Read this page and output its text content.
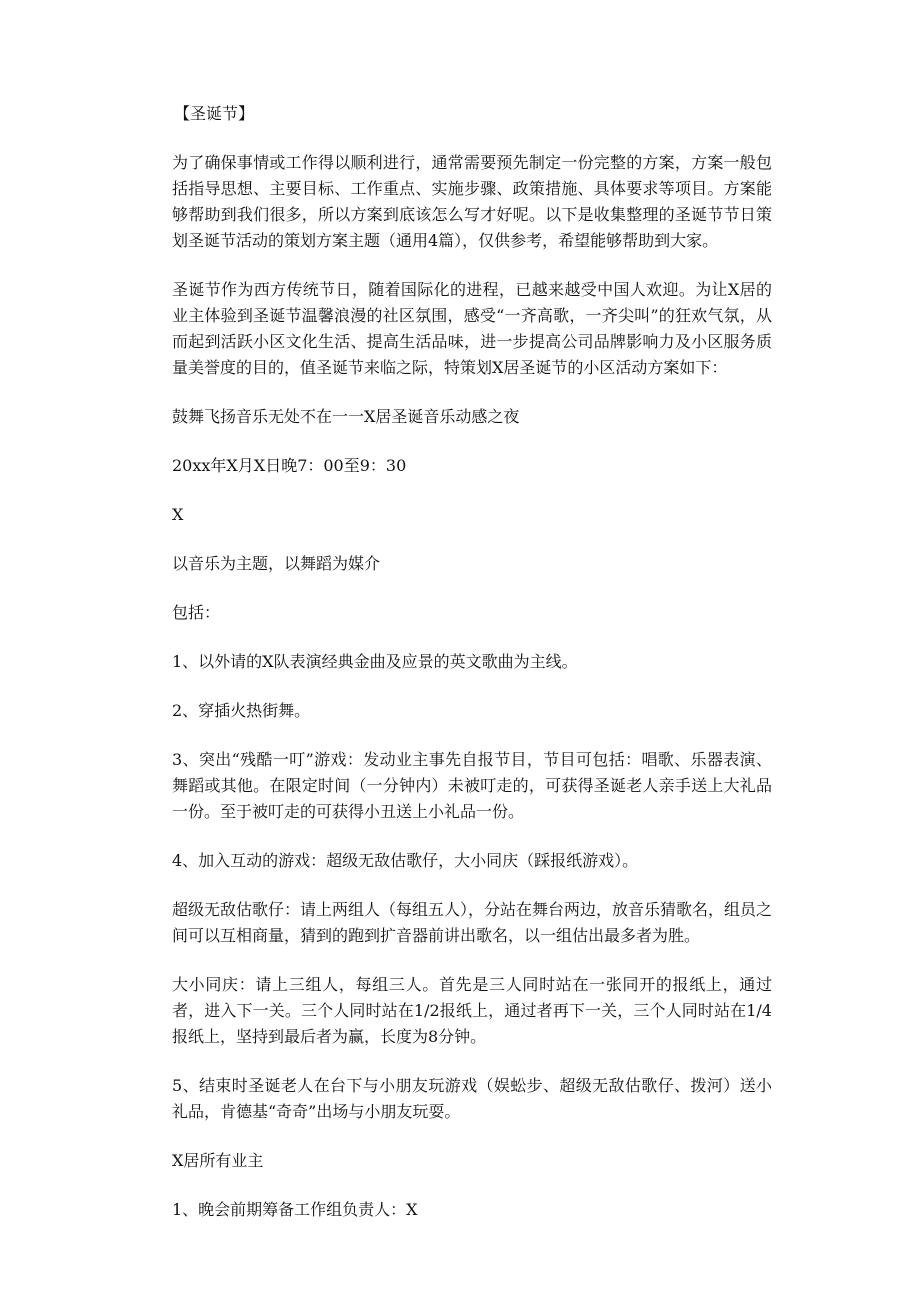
【圣诞节】

为了确保事情或工作得以顺利进行，通常需要预先制定一份完整的方案，方案一般包括指导思想、主要目标、工作重点、实施步骤、政策措施、具体要求等项目。方案能够帮助到我们很多，所以方案到底该怎么写才好呢。以下是收集整理的圣诞节节日策划圣诞节活动的策划方案主题（通用4篇），仅供参考，希望能够帮助到大家。

圣诞节作为西方传统节日，随着国际化的进程，已越来越受中国人欢迎。为让X居的业主体验到圣诞节温馨浪漫的社区氛围，感受“一齐高歌，一齐尖叫”的狂欢气氛，从而起到活跃小区文化生活、提高生活品味，进一步提高公司品牌影响力及小区服务质量美誉度的目的，值圣诞节来临之际，特策划X居圣诞节的小区活动方案如下：

鼓舞飞扬音乐无处不在一一X居圣诞音乐动感之夜

20xx年X月X日晚7：00至9：30

X

以音乐为主题，以舞蹈为媒介

包括：

1、以外请的X队表演经典金曲及应景的英文歌曲为主线。

2、穿插火热街舞。

3、突出“残酷一叮”游戏：发动业主事先自报节目，节目可包括：唱歌、乐器表演、舞蹈或其他。在限定时间（一分钟内）未被叮走的，可获得圣诞老人亲手送上大礼品一份。至于被叮走的可获得小丑送上小礼品一份。

4、加入互动的游戏：超级无敌估歌仔，大小同庆（踩报纸游戏）。

超级无敌估歌仔：请上两组人（每组五人），分站在舞台两边，放音乐猜歌名，组员之间可以互相商量，猜到的跑到扩音器前讲出歌名，以一组估出最多者为胜。

大小同庆：请上三组人，每组三人。首先是三人同时站在一张同开的报纸上，通过者，进入下一关。三个人同时站在1/2报纸上，通过者再下一关，三个人同时站在1/4报纸上，坚持到最后者为赢，长度为8分钟。

5、结束时圣诞老人在台下与小朋友玩游戏（娱蚣步、超级无敌估歌仔、拨河）送小礼品，肯德基“奇奇”出场与小朋友玩耍。

X居所有业主

1、晚会前期筹备工作组负责人：X
